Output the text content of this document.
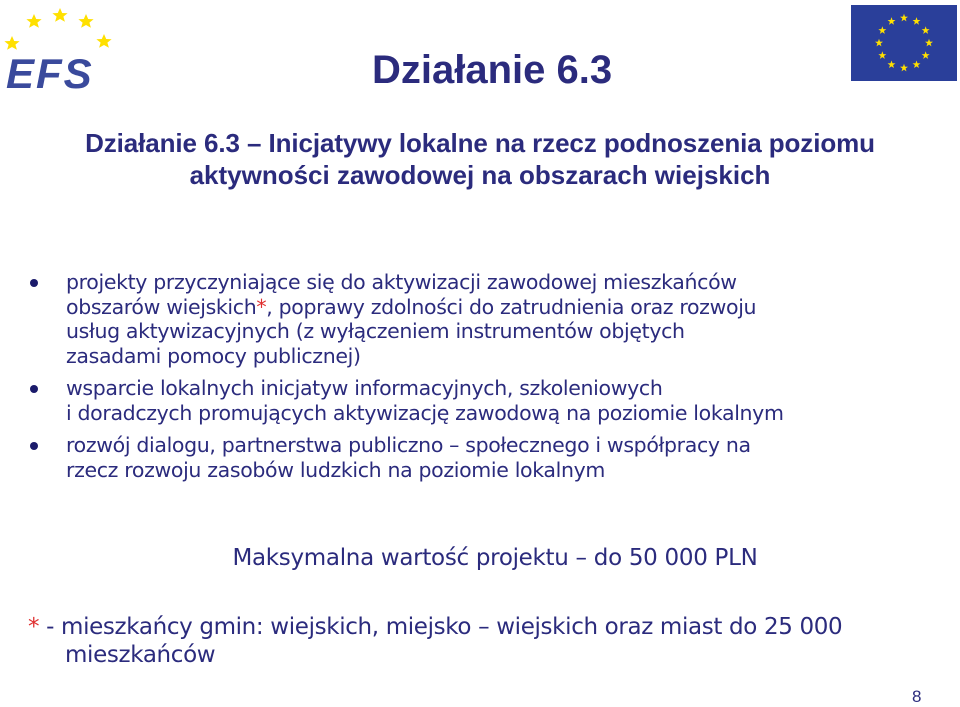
EFS	Działanie 6.3
Działanie 6.3 – Inicjatywy lokalne na rzecz podnoszenia poziomu
aktywności zawodowej na obszarach wiejskich
projekty przyczyniające się do aktywizacji zawodowej mieszkańców
obszarów wiejskich*, poprawy zdolności do zatrudnienia oraz rozwoju
usług aktywizacyjnych (z wyłączeniem instrumentów objętych
zasadami pomocy publicznej)
wsparcie lokalnych inicjatyw informacyjnych, szkoleniowych
i doradczych promujących aktywizację zawodową na poziomie lokalnym
rozwój dialogu, partnerstwa publiczno – społecznego i współpracy na
rzecz rozwoju zasobów ludzkich na poziomie lokalnym
Maksymalna wartość projektu – do 50 000 PLN
* - mieszkańcy gmin: wiejskich, miejsko – wiejskich oraz miast do 25 000
mieszkańców
8
